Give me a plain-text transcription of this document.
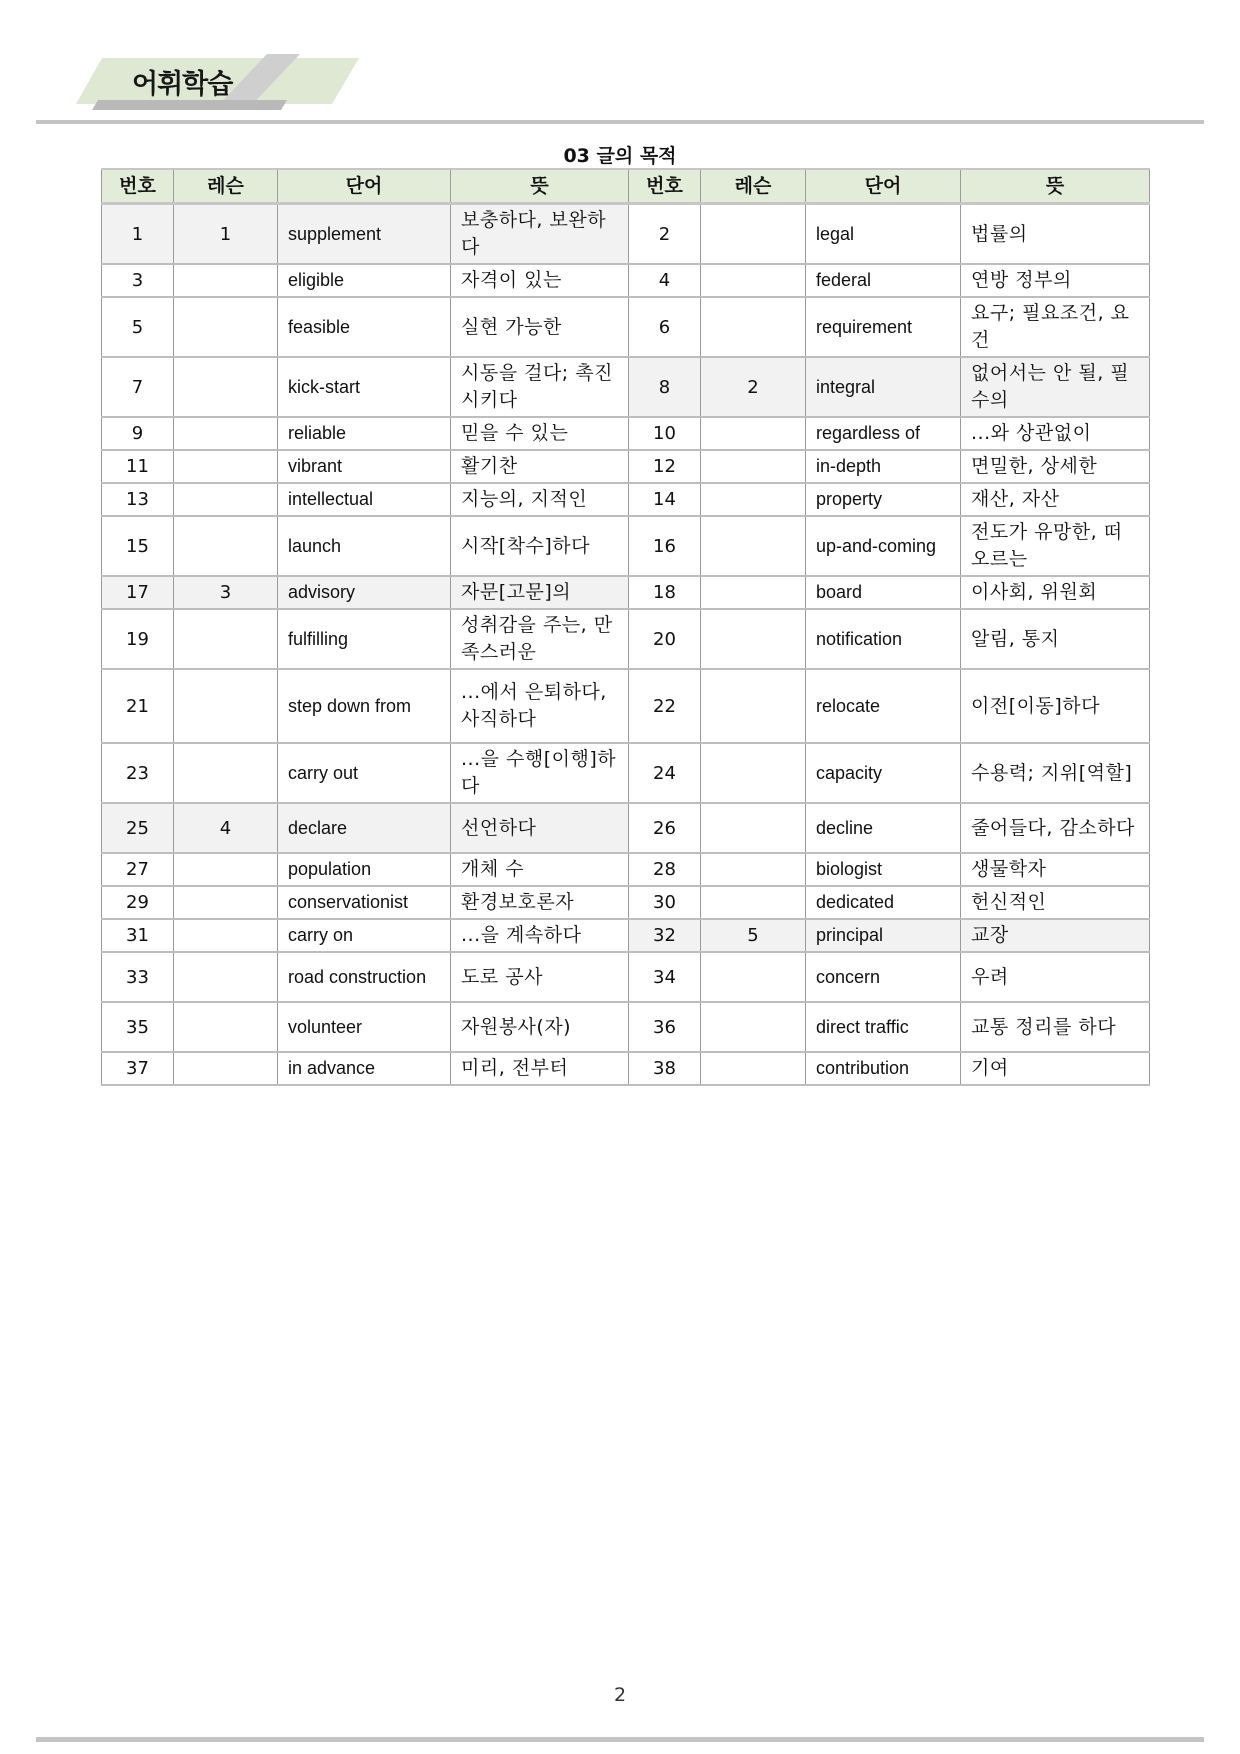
어휘학습
03 글의 목적
번호	레슨	단어	뜻	번호	레슨	단어	뜻
1	1	supplement	보충하다, 보완하다	2		legal	법률의
3		eligible	자격이 있는	4		federal	연방 정부의
5		feasible	실현 가능한	6		requirement	요구; 필요조건, 요건
7		kick-start	시동을 걸다; 촉진시키다	8	2	integral	없어서는 안 될, 필수의
9		reliable	믿을 수 있는	10		regardless of	...와 상관없이
11		vibrant	활기찬	12		in-depth	면밀한, 상세한
13		intellectual	지능의, 지적인	14		property	재산, 자산
15		launch	시작[착수]하다	16		up-and-coming	전도가 유망한, 떠오르는
17	3	advisory	자문[고문]의	18		board	이사회, 위원회
19		fulfilling	성취감을 주는, 만족스러운	20		notification	알림, 통지
21		step down from	...에서 은퇴하다, 사직하다	22		relocate	이전[이동]하다
23		carry out	...을 수행[이행]하다	24		capacity	수용력; 지위[역할]
25	4	declare	선언하다	26		decline	줄어들다, 감소하다
27		population	개체 수	28		biologist	생물학자
29		conservationist	환경보호론자	30		dedicated	헌신적인
31		carry on	...을 계속하다	32	5	principal	교장
33		road construction	도로 공사	34		concern	우려
35		volunteer	자원봉사(자)	36		direct traffic	교통 정리를 하다
37		in advance	미리, 전부터	38		contribution	기여
2
